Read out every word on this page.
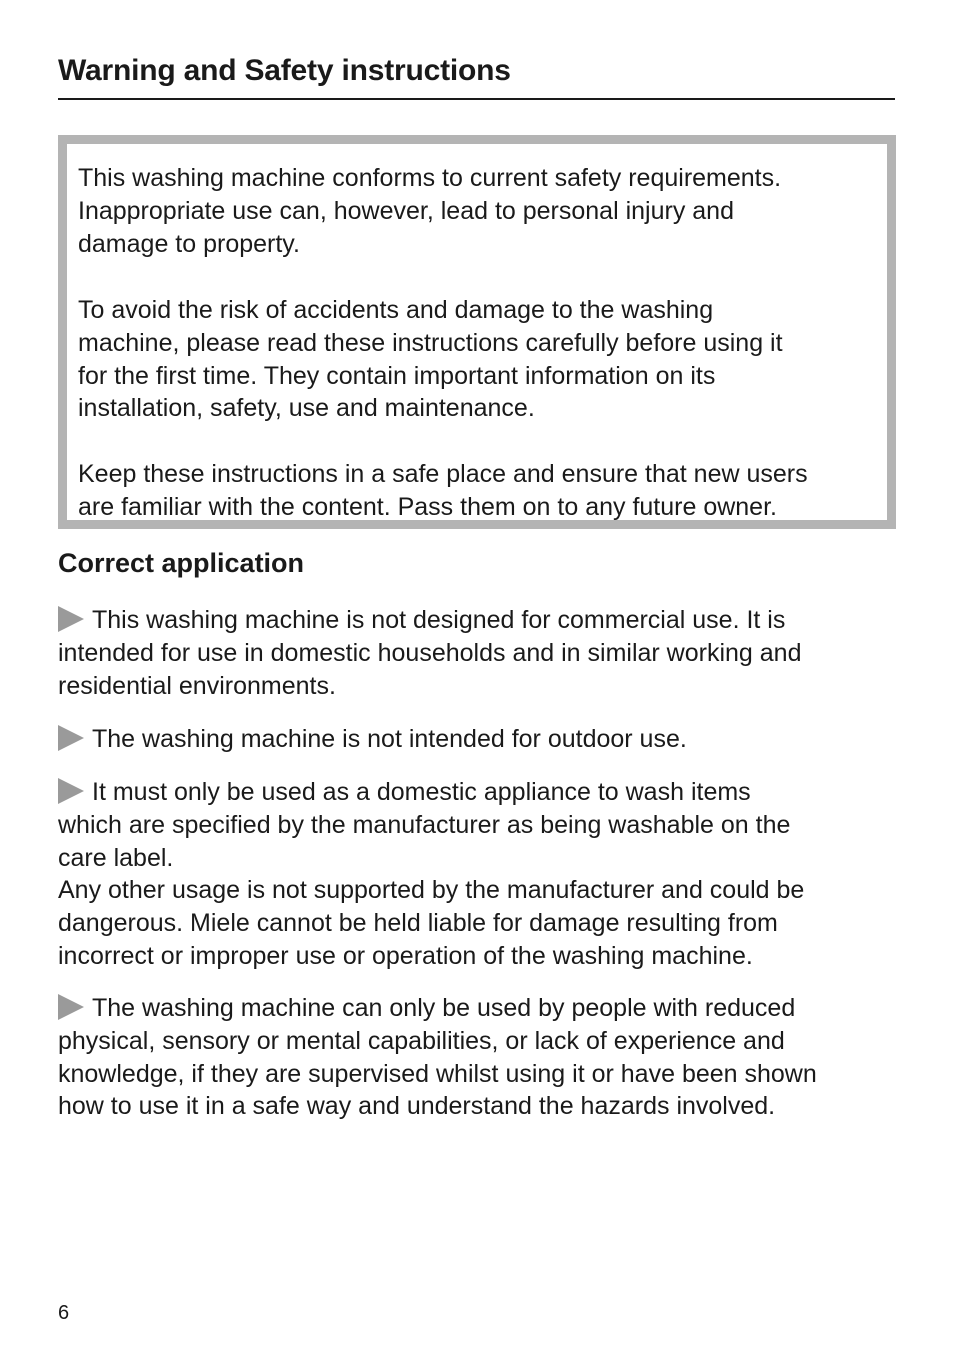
Warning and Safety instructions

This washing machine conforms to current safety requirements.
Inappropriate use can, however, lead to personal injury and
damage to property.

To avoid the risk of accidents and damage to the washing
machine, please read these instructions carefully before using it
for the first time. They contain important information on its
installation, safety, use and maintenance.

Keep these instructions in a safe place and ensure that new users
are familiar with the content. Pass them on to any future owner.

Correct application

This washing machine is not designed for commercial use. It is
intended for use in domestic households and in similar working and
residential environments.

The washing machine is not intended for outdoor use.

It must only be used as a domestic appliance to wash items
which are specified by the manufacturer as being washable on the
care label.
Any other usage is not supported by the manufacturer and could be
dangerous. Miele cannot be held liable for damage resulting from
incorrect or improper use or operation of the washing machine.

The washing machine can only be used by people with reduced
physical, sensory or mental capabilities, or lack of experience and
knowledge, if they are supervised whilst using it or have been shown
how to use it in a safe way and understand the hazards involved.

6
